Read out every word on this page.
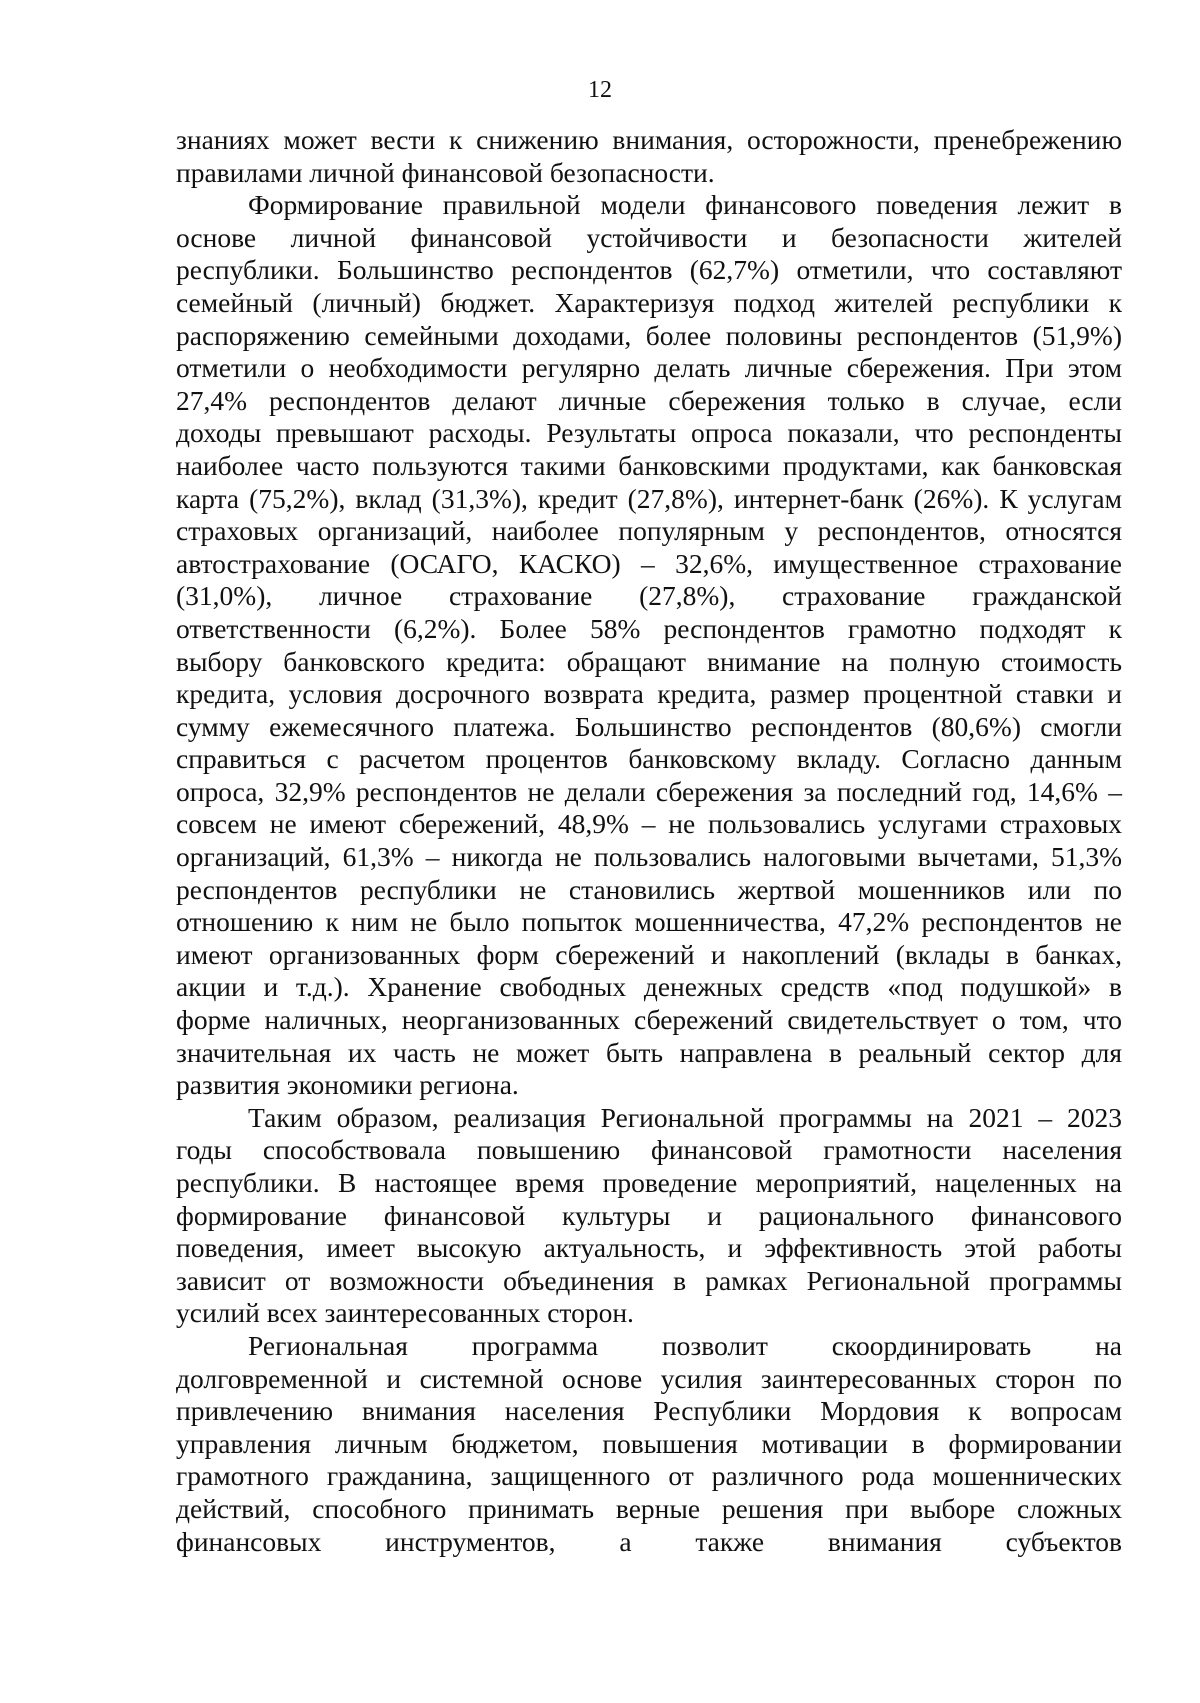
12
знаниях может вести к снижению внимания, осторожности, пренебрежению
правилами личной финансовой безопасности.
Формирование правильной модели финансового поведения лежит в
основе личной финансовой устойчивости и безопасности жителей
республики. Большинство респондентов (62,7%) отметили, что составляют
семейный (личный) бюджет. Характеризуя подход жителей республики к
распоряжению семейными доходами, более половины респондентов (51,9%)
отметили о необходимости регулярно делать личные сбережения. При этом
27,4% респондентов делают личные сбережения только в случае, если
доходы превышают расходы. Результаты опроса показали, что респонденты
наиболее часто пользуются такими банковскими продуктами, как банковская
карта (75,2%), вклад (31,3%), кредит (27,8%), интернет-банк (26%). К услугам
страховых организаций, наиболее популярным у респондентов, относятся
автострахование (ОСАГО, КАСКО) – 32,6%, имущественное страхование
(31,0%), личное страхование (27,8%), страхование гражданской
ответственности (6,2%). Более 58% респондентов грамотно подходят к
выбору банковского кредита: обращают внимание на полную стоимость
кредита, условия досрочного возврата кредита, размер процентной ставки и
сумму ежемесячного платежа. Большинство респондентов (80,6%) смогли
справиться с расчетом процентов банковскому вкладу. Согласно данным
опроса, 32,9% респондентов не делали сбережения за последний год, 14,6% –
совсем не имеют сбережений, 48,9% – не пользовались услугами страховых
организаций, 61,3% – никогда не пользовались налоговыми вычетами, 51,3%
респондентов республики не становились жертвой мошенников или по
отношению к ним не было попыток мошенничества, 47,2% респондентов не
имеют организованных форм сбережений и накоплений (вклады в банках,
акции и т.д.). Хранение свободных денежных средств «под подушкой» в
форме наличных, неорганизованных сбережений свидетельствует о том, что
значительная их часть не может быть направлена в реальный сектор для
развития экономики региона.
Таким образом, реализация Региональной программы на 2021 – 2023
годы способствовала повышению финансовой грамотности населения
республики. В настоящее время проведение мероприятий, нацеленных на
формирование финансовой культуры и рационального финансового
поведения, имеет высокую актуальность, и эффективность этой работы
зависит от возможности объединения в рамках Региональной программы
усилий всех заинтересованных сторон.
Региональная программа позволит скоординировать на
долговременной и системной основе усилия заинтересованных сторон по
привлечению внимания населения Республики Мордовия к вопросам
управления личным бюджетом, повышения мотивации в формировании
грамотного гражданина, защищенного от различного рода мошеннических
действий, способного принимать верные решения при выборе сложных
финансовых инструментов, а также внимания субъектов
